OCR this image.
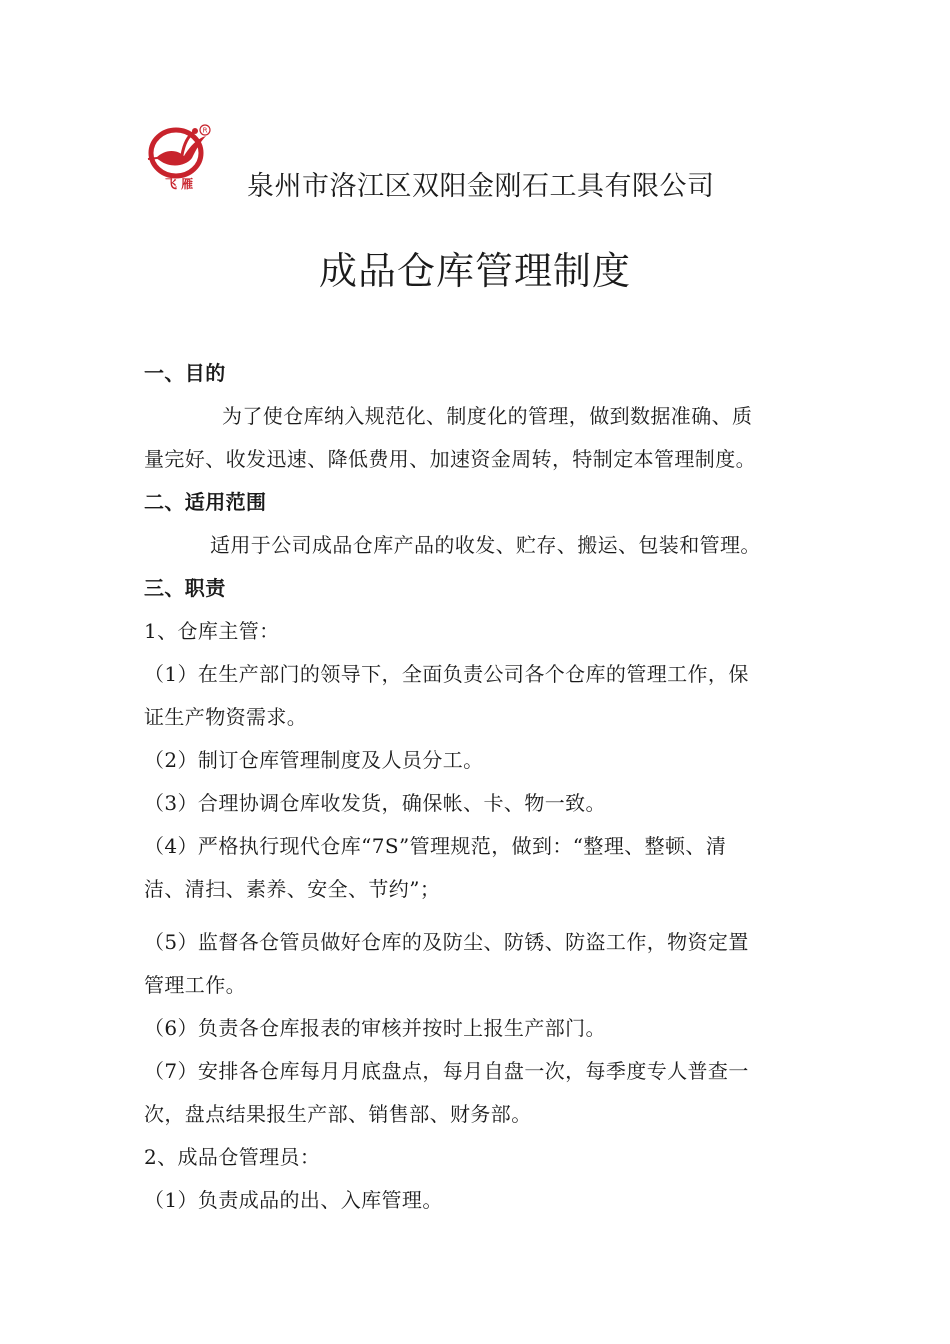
R
飞 雁 泉州市洛江区双阳金刚石工具有限公司
成品仓库管理制度
一、目的
为了使仓库纳入规范化、制度化的管理，做到数据准确、质
量完好、收发迅速、降低费用、加速资金周转，特制定本管理制度。
二、适用范围
适用于公司成品仓库产品的收发、贮存、搬运、包装和管理。
三、职责
1、仓库主管：
（1）在生产部门的领导下，全面负责公司各个仓库的管理工作，保
证生产物资需求。
（2）制订仓库管理制度及人员分工。
（3）合理协调仓库收发货，确保帐、卡、物一致。
（4）严格执行现代仓库“7S”管理规范，做到：“整理、整顿、清
洁、清扫、素养、安全、节约”；
（5）监督各仓管员做好仓库的及防尘、防锈、防盗工作，物资定置
管理工作。
（6）负责各仓库报表的审核并按时上报生产部门。
（7）安排各仓库每月月底盘点，每月自盘一次，每季度专人普查一
次，盘点结果报生产部、销售部、财务部。
2、成品仓管理员：
（1）负责成品的出、入库管理。
